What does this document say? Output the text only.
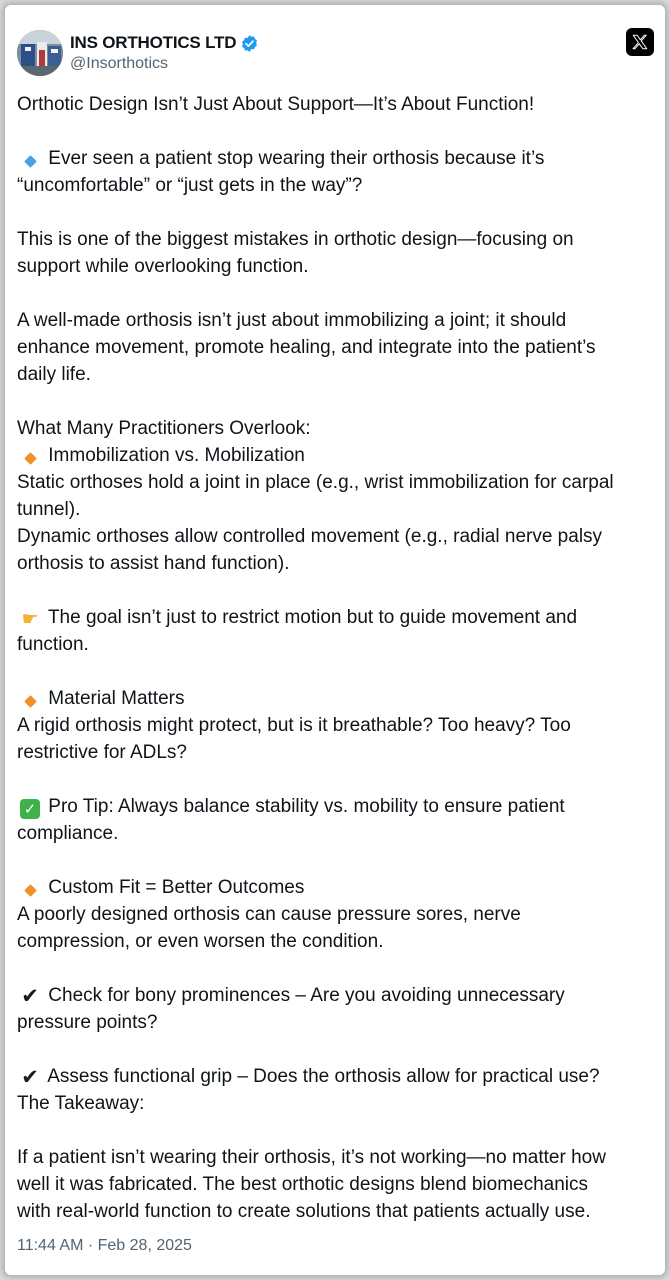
INS ORTHOTICS LTD
@Insorthotics
Orthotic Design Isn’t Just About Support—It’s About Function!
Ever seen a patient stop wearing their orthosis because it’s
“uncomfortable” or “just gets in the way”?
This is one of the biggest mistakes in orthotic design—focusing on
support while overlooking function.
A well-made orthosis isn’t just about immobilizing a joint; it should
enhance movement, promote healing, and integrate into the patient’s
daily life.
What Many Practitioners Overlook:
Immobilization vs. Mobilization
Static orthoses hold a joint in place (e.g., wrist immobilization for carpal
tunnel).
Dynamic orthoses allow controlled movement (e.g., radial nerve palsy
orthosis to assist hand function).
☛ The goal isn’t just to restrict motion but to guide movement and
function.
Material Matters
A rigid orthosis might protect, but is it breathable? Too heavy? Too
restrictive for ADLs?
✓ Pro Tip: Always balance stability vs. mobility to ensure patient
compliance.
Custom Fit = Better Outcomes
A poorly designed orthosis can cause pressure sores, nerve
compression, or even worsen the condition.
✔ Check for bony prominences – Are you avoiding unnecessary
pressure points?
✔ Assess functional grip – Does the orthosis allow for practical use?
The Takeaway:
If a patient isn’t wearing their orthosis, it’s not working—no matter how
well it was fabricated. The best orthotic designs blend biomechanics
with real-world function to create solutions that patients actually use.
11:44 AM · Feb 28, 2025
